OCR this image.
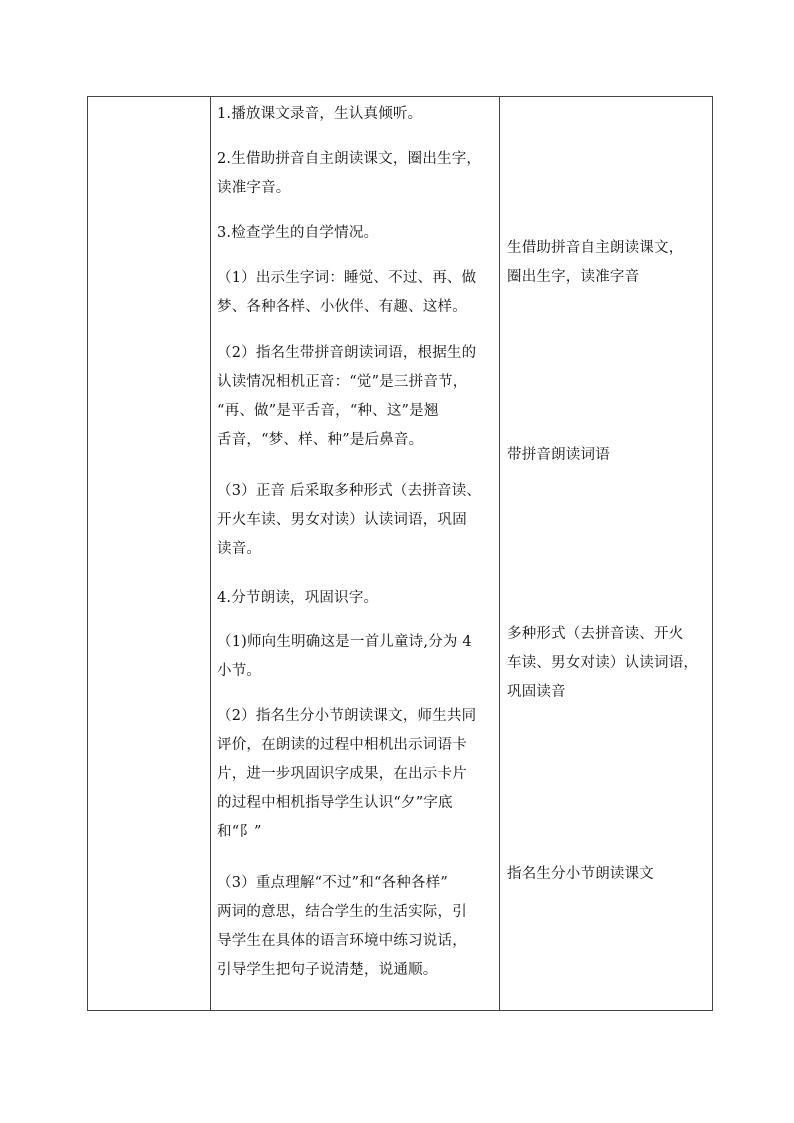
1.播放课文录音，生认真倾听。
2.生借助拼音自主朗读课文，圈出生字，
读准字音。
3.检查学生的自学情况。
（1）出示生字词：睡觉、不过、再、做
梦、各种各样、小伙伴、有趣、这样。
（2）指名生带拼音朗读词语，根据生的
认读情况相机正音：“觉”是三拼音节，
“再、做”是平舌音，“种、这”是翘
舌音，“梦、样、种”是后鼻音。
（3）正音 后采取多种形式（去拼音读、
开火车读、男女对读）认读词语，巩固
读音。
4.分节朗读，巩固识字。
（1)师向生明确这是一首儿童诗,分为 4
小节。
（2）指名生分小节朗读课文，师生共同
评价，在朗读的过程中相机出示词语卡
片，进一步巩固识字成果，在出示卡片
的过程中相机指导学生认识“夕”字底
和“阝”
（3）重点理解“不过”和“各种各样”
两词的意思，结合学生的生活实际，引
导学生在具体的语言环境中练习说话，
引导学生把句子说清楚，说通顺。
生借助拼音自主朗读课文，
圈出生字，读准字音
带拼音朗读词语
多种形式（去拼音读、开火
车读、男女对读）认读词语，
巩固读音
指名生分小节朗读课文
